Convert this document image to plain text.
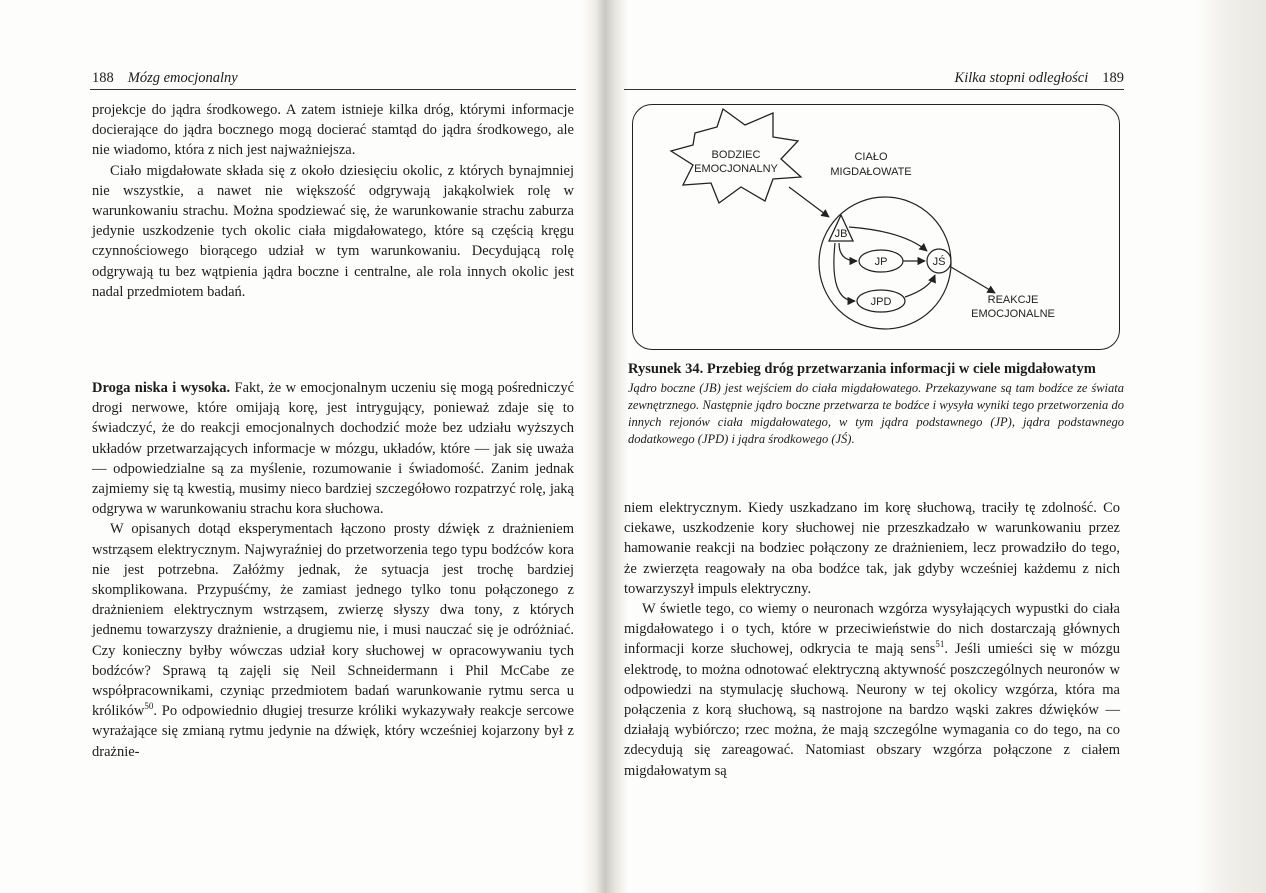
188 Mózg emocjonalny

projekcje do jądra środkowego. A zatem istnieje kilka dróg, którymi informacje docierające do jądra bocznego mogą docierać stamtąd do jądra środkowego, ale nie wiadomo, która z nich jest najważniejsza.

Ciało migdałowate składa się z około dziesięciu okolic, z których bynajmniej nie wszystkie, a nawet nie większość odgrywają jakąkolwiek rolę w warunkowaniu strachu. Można spodziewać się, że warunkowanie strachu zaburza jedynie uszkodzenie tych okolic ciała migdałowatego, które są częścią kręgu czynnościowego biorącego udział w tym warunkowaniu. Decydującą rolę odgrywają tu bez wątpienia jądra boczne i centralne, ale rola innych okolic jest nadal przedmiotem badań.

Droga niska i wysoka. Fakt, że w emocjonalnym uczeniu się mogą pośredniczyć drogi nerwowe, które omijają korę, jest intrygujący, ponieważ zdaje się to świadczyć, że do reakcji emocjonalnych dochodzić może bez udziału wyższych układów przetwarzających informacje w mózgu, układów, które — jak się uważa — odpowiedzialne są za myślenie, rozumowanie i świadomość. Zanim jednak zajmiemy się tą kwestią, musimy nieco bardziej szczegółowo rozpatrzyć rolę, jaką odgrywa w warunkowaniu strachu kora słuchowa.

W opisanych dotąd eksperymentach łączono prosty dźwięk z drażnieniem wstrząsem elektrycznym. Najwyraźniej do przetworzenia tego typu bodźców kora nie jest potrzebna. Załóżmy jednak, że sytuacja jest trochę bardziej skomplikowana. Przypuśćmy, że zamiast jednego tylko tonu połączonego z drażnieniem elektrycznym wstrząsem, zwierzę słyszy dwa tony, z których jednemu towarzyszy drażnienie, a drugiemu nie, i musi nauczać się je odróżniać. Czy konieczny byłby wówczas udział kory słuchowej w opracowywaniu tych bodźców? Sprawą tą zajęli się Neil Schneidermann i Phil McCabe ze współpracownikami, czyniąc przedmiotem badań warunkowanie rytmu serca u królików$^{50}$. Po odpowiednio długiej tresurze króliki wykazywały reakcje sercowe wyrażające się zmianą rytmu jedynie na dźwięk, który wcześniej kojarzony był z drażnie-

Kilka stopni odległości 189
BODZIEC
EMOCJONALNY
CIAŁO
MIGDAŁOWATE
JB
JP	JŚ
JPD	REAKCJE
EMOCJONALNE

Rysunek 34. Przebieg dróg przetwarzania informacji w ciele migdałowatym

Jądro boczne (JB) jest wejściem do ciała migdałowatego. Przekazywane są tam bodźce ze świata zewnętrznego. Następnie jądro boczne przetwarza te bodźce i wysyła wyniki tego przetworzenia do innych rejonów ciała migdałowatego, w tym jądra podstawnego (JP), jądra podstawnego dodatkowego (JPD) i jądra środkowego (JŚ).

niem elektrycznym. Kiedy uszkadzano im korę słuchową, traciły tę zdolność. Co ciekawe, uszkodzenie kory słuchowej nie przeszkadzało w warunkowaniu przez hamowanie reakcji na bodziec połączony ze drażnieniem, lecz prowadziło do tego, że zwierzęta reagowały na oba bodźce tak, jak gdyby wcześniej każdemu z nich towarzyszył impuls elektryczny.

W świetle tego, co wiemy o neuronach wzgórza wysyłających wypustki do ciała migdałowatego i o tych, które w przeciwieństwie do nich dostarczają głównych informacji korze słuchowej, odkrycia te mają sens$^{51}$. Jeśli umieści się w mózgu elektrodę, to można odnotować elektryczną aktywność poszczególnych neuronów w odpowiedzi na stymulację słuchową. Neurony w tej okolicy wzgórza, która ma połączenia z korą słuchową, są nastrojone na bardzo wąski zakres dźwięków — działają wybiórczo; rzec można, że mają szczególne wymagania co do tego, na co zdecydują się zareagować. Natomiast obszary wzgórza połączone z ciałem migdałowatym są
